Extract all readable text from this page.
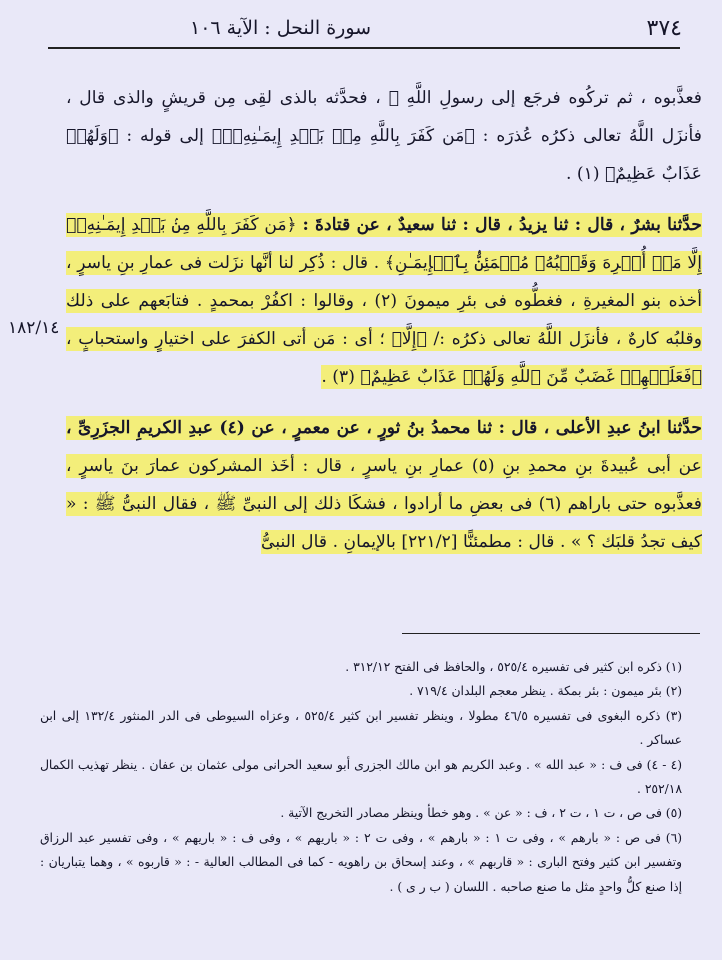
٣٧٤
سورة النحل : الآية ١٠٦

فعذَّبوه ، ثم تركُوه فرجَع إلى رسولِ اللَّهِ ﷺ ، فحدَّثه بالذى لقِى مِن قريشٍ والذى قال ، فأنزَل اللَّهُ تعالى ذكرُه عُذرَه : ﴿مَن كَفَرَ بِاللَّهِ مِنۢ بَعۡدِ إِيمَـٰنِهِۦٓ﴾ إلى قوله : ﴿وَلَهُمۡ عَذَابٌ عَظِيمٌ﴾ (١) .

حدَّثنا بشرٌ ، قال : ثنا يزيدُ ، قال : ثنا سعيدٌ ، عن قتادةَ : ﴿مَن كَفَرَ بِاللَّهِ مِنۢ بَعۡدِ إِيمَـٰنِهِۦٓ إِلَّا مَنۡ أُكۡرِهَ وَقَلۡبُهُۥ مُطۡمَئِنُّۢ بِٱلۡإِيمَـٰنِ﴾ . قال : ذُكِر لنا أنَّها نزَلت فى عمارِ بنِ ياسرٍ ، أخذه بنو المغيرةِ ، فغطُّوه فى بئرِ ميمونَ (٢) ، وقالوا : اكفُرْ بمحمدٍ . فتابَعهم على ذلك وقلبُه كارهٌ ، فأنزَل اللَّهُ تعالى ذكرُه :/ ﴿إِلَّا﴾ ؛ أى : مَن أتى الكفرَ على اختيارٍ واستحبابٍ ، ﴿فَعَلَيۡهِمۡ غَضَبٌ مِّنَ ٱللَّهِ وَلَهُمۡ عَذَابٌ عَظِيمٌ﴾ (٣) .

حدَّثنا ابنُ عبدِ الأعلى ، قال : ثنا محمدُ بنُ ثورٍ ، عن معمرٍ ، عن (٤) عبدِ الكريمِ الجزَرِىِّ ، عن أبى عُبيدةَ بنِ محمدِ بنِ (٥) عمارِ بنِ ياسرٍ ، قال : أخَذ المشركون عمارَ بنَ ياسرٍ ، فعذَّبوه حتى باراهم (٦) فى بعضِ ما أرادوا ، فشكَا ذلك إلى النبىِّ ﷺ ، فقال النبىُّ ﷺ : « كيف تجدُ قلبَك ؟ » . قال : مطمئنًّا [٢٢١/٢] بالإيمانِ . قال النبىُّ

١٨٢/١٤

(١) ذكره ابن كثير فى تفسيره ٥٢٥/٤ ، والحافظ فى الفتح ٣١٢/١٢ .

(٢) بئر ميمون : بئر بمكة . ينظر معجم البلدان ٧١٩/٤ .

(٣) ذكره البغوى فى تفسيره ٤٦/٥ مطولا ، وينظر تفسير ابن كثير ٥٢٥/٤ ، وعزاه السيوطى فى الدر المنثور ١٣٢/٤ إلى ابن عساكر .

(٤ - ٤) فى ف : « عبد الله » . وعبد الكريم هو ابن مالك الجزرى أبو سعيد الحرانى مولى عثمان بن عفان . ينظر تهذيب الكمال ٢٥٢/١٨ .

(٥) فى ص ، ت ١ ، ت ٢ ، ف : « عن » . وهو خطأ وينظر مصادر التخريج الآتية .

(٦) فى ص : « بارهم » ، وفى ت ١ : « بارهم » ، وفى ت ٢ : « باريهم » ، وفى ف : « باريهم » ، وفى تفسير عبد الرزاق وتفسير ابن كثير وفتح البارى : « قاربهم » ، وعند إسحاق بن راهويه - كما فى المطالب العالية - : « قاربوه » ، وهما يتباريان : إذا صنع كلُّ واحدٍ مثل ما صنع صاحبه . اللسان ( ب ر ى ) .
